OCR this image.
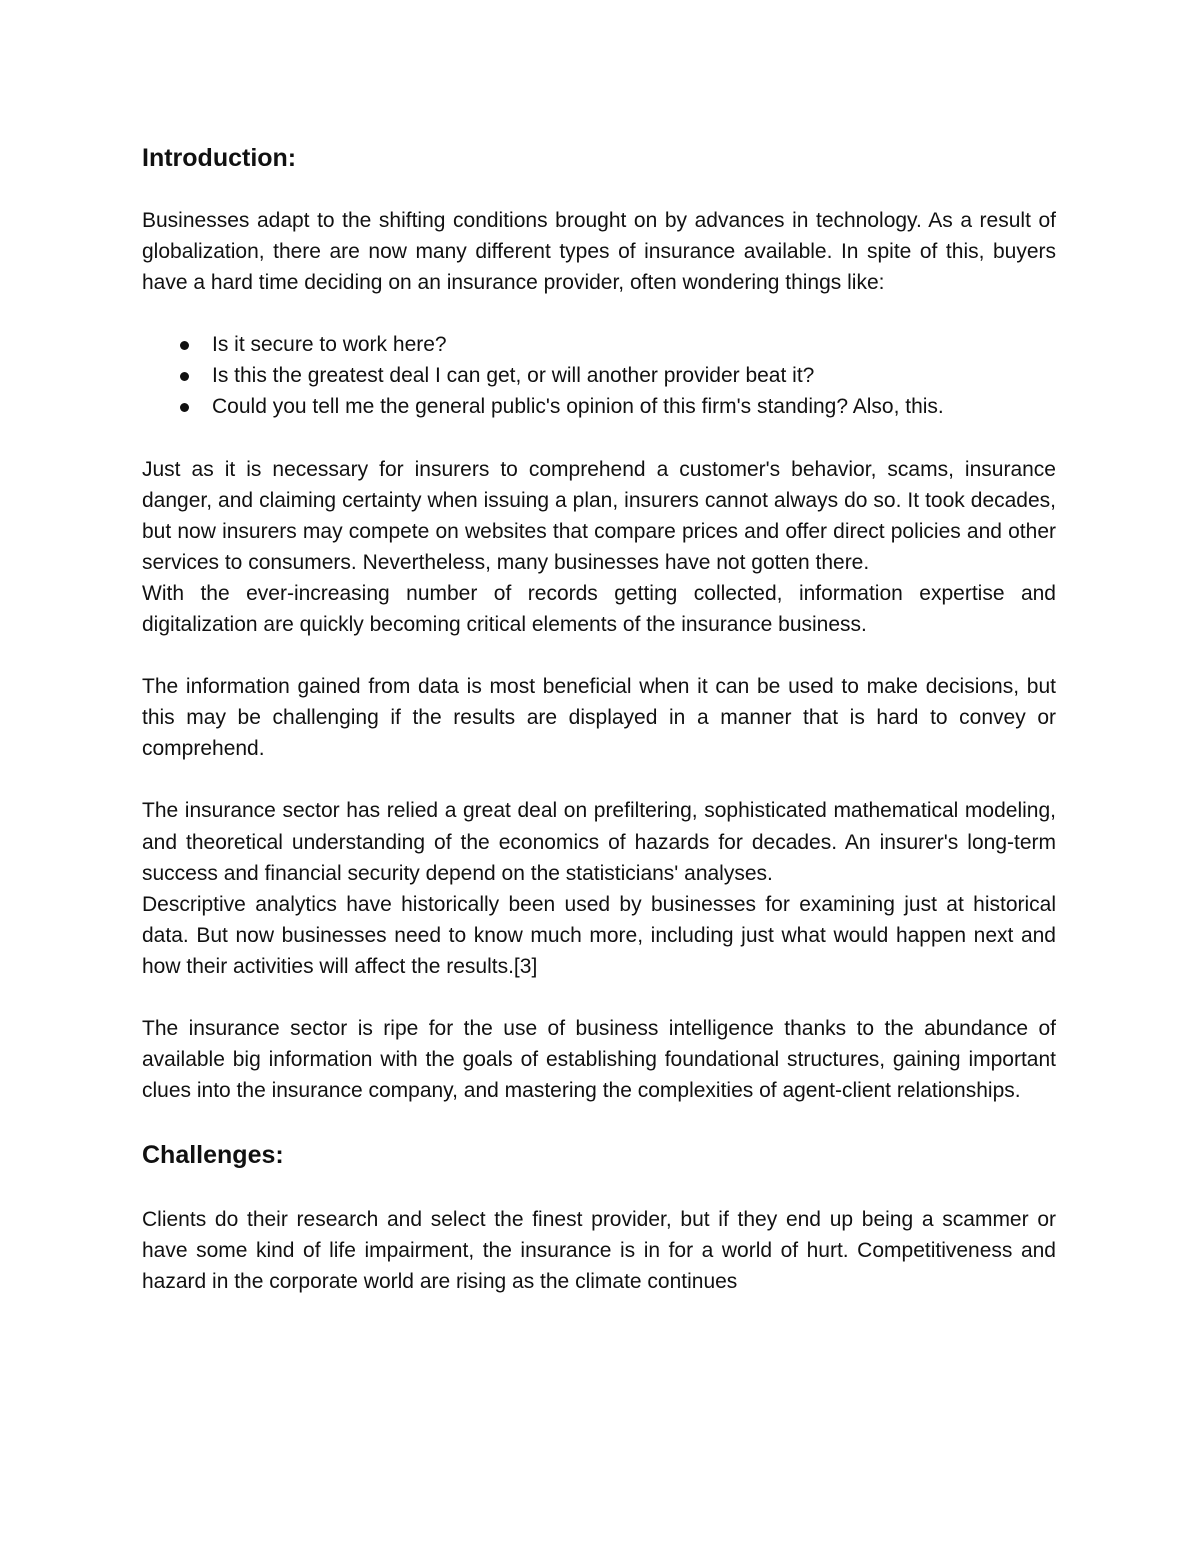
Introduction:

Businesses adapt to the shifting conditions brought on by advances in technology. As a result of globalization, there are now many different types of insurance available. In spite of this, buyers have a hard time deciding on an insurance provider, often wondering things like:

Is it secure to work here?
Is this the greatest deal I can get, or will another provider beat it?
Could you tell me the general public's opinion of this firm's standing? Also, this.

Just as it is necessary for insurers to comprehend a customer's behavior, scams, insurance danger, and claiming certainty when issuing a plan, insurers cannot always do so. It took decades, but now insurers may compete on websites that compare prices and offer direct policies and other services to consumers. Nevertheless, many businesses have not gotten there.

With the ever-increasing number of records getting collected, information expertise and digitalization are quickly becoming critical elements of the insurance business.

The information gained from data is most beneficial when it can be used to make decisions, but this may be challenging if the results are displayed in a manner that is hard to convey or comprehend.

The insurance sector has relied a great deal on prefiltering, sophisticated mathematical modeling, and theoretical understanding of the economics of hazards for decades. An insurer's long-term success and financial security depend on the statisticians' analyses.

Descriptive analytics have historically been used by businesses for examining just at historical data. But now businesses need to know much more, including just what would happen next and how their activities will affect the results.[3]

The insurance sector is ripe for the use of business intelligence thanks to the abundance of available big information with the goals of establishing foundational structures, gaining important clues into the insurance company, and mastering the complexities of agent-client relationships.

Challenges:

Clients do their research and select the finest provider, but if they end up being a scammer or have some kind of life impairment, the insurance is in for a world of hurt. Competitiveness and hazard in the corporate world are rising as the climate continues
